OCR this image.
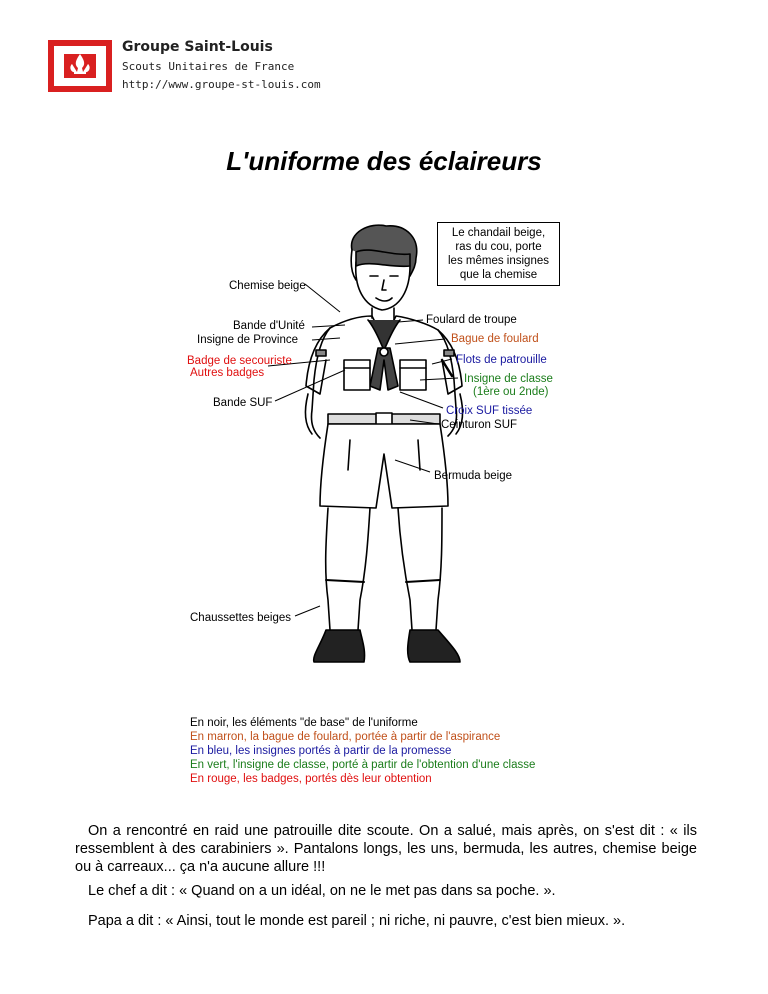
Groupe Saint-Louis
Scouts Unitaires de France
http://www.groupe-st-louis.com
L'uniforme des éclaireurs
Le chandail beige,
ras du cou, porte
les mêmes insignes
que la chemise
Chemise beige
Bande d'Unité
Insigne de Province
Badge de secouriste
Autres badges
Bande SUF
Foulard de troupe
Bague de foulard
Flots de patrouille
Insigne de classe
(1ère ou 2nde)
Croix SUF tissée
Ceinturon SUF
Bermuda beige
Chaussettes beiges
En noir, les éléments "de base" de l'uniforme
En marron, la bague de foulard, portée à partir de l'aspirance
En bleu, les insignes portés à partir de la promesse
En vert, l'insigne de classe, porté à partir de l'obtention d'une classe
En rouge, les badges, portés dès leur obtention
On a rencontré en raid une patrouille dite scoute. On a salué, mais après, on s'est dit : « ils ressemblent à des carabiniers ». Pantalons longs, les uns, bermuda, les autres, chemise beige ou à carreaux... ça n'a aucune allure !!!
Le chef a dit : « Quand on a un idéal, on ne le met pas dans sa poche. ».
Papa a dit : « Ainsi, tout le monde est pareil ; ni riche, ni pauvre, c'est bien mieux. ».
